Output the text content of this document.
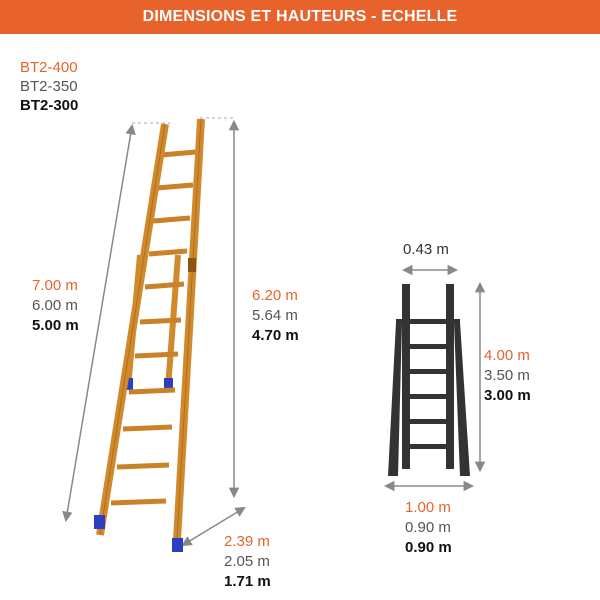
DIMENSIONS ET HAUTEURS - ECHELLE
BT2-400
BT2-350
BT2-300
7.00 m
6.00 m
5.00 m
6.20 m
5.64 m
4.70 m
2.39 m
2.05 m
1.71 m
0.43 m
4.00 m
3.50 m
3.00 m
1.00 m
0.90 m
0.90 m
